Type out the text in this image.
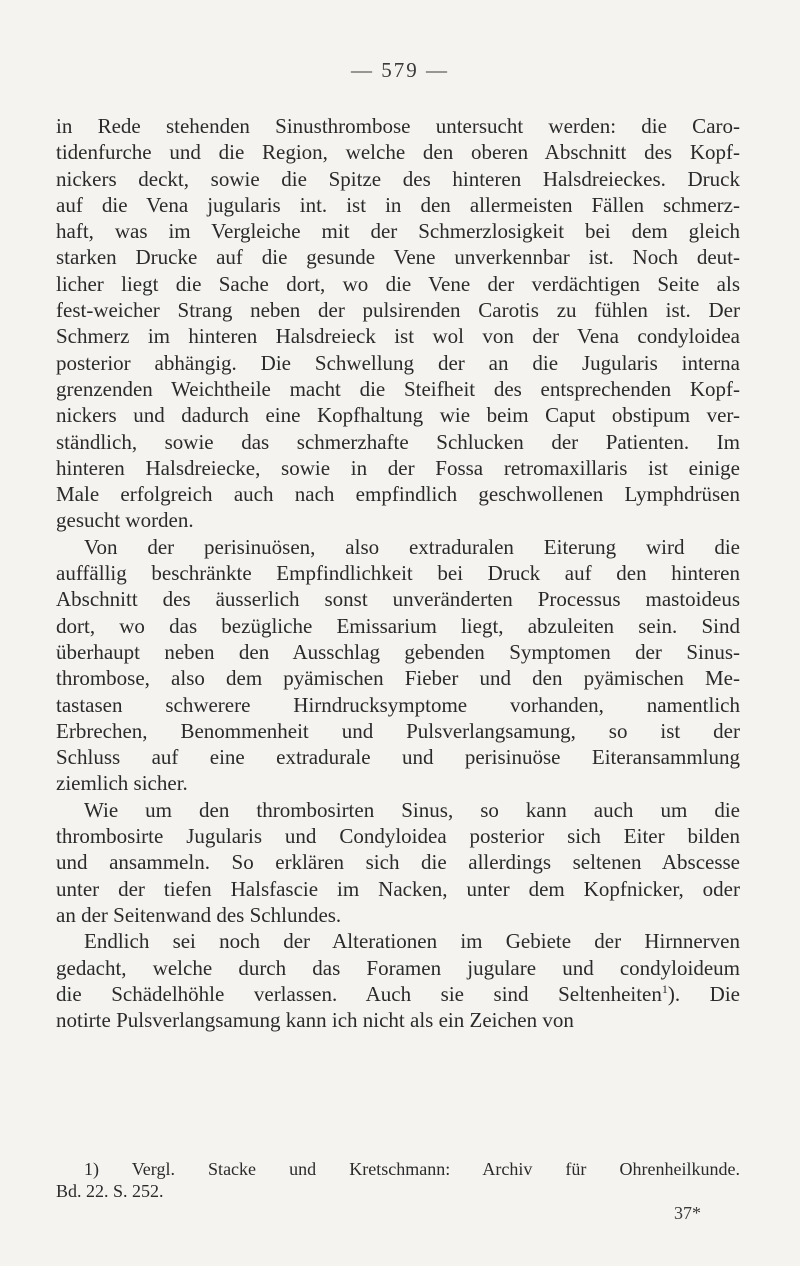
— 579 —
in Rede stehenden Sinusthrombose untersucht werden: die Caro-
tidenfurche und die Region, welche den oberen Abschnitt des Kopf-
nickers deckt, sowie die Spitze des hinteren Halsdreieckes. Druck
auf die Vena jugularis int. ist in den allermeisten Fällen schmerz-
haft, was im Vergleiche mit der Schmerzlosigkeit bei dem gleich
starken Drucke auf die gesunde Vene unverkennbar ist. Noch deut-
licher liegt die Sache dort, wo die Vene der verdächtigen Seite als
fest-weicher Strang neben der pulsirenden Carotis zu fühlen ist. Der
Schmerz im hinteren Halsdreieck ist wol von der Vena condyloidea
posterior abhängig. Die Schwellung der an die Jugularis interna
grenzenden Weichtheile macht die Steifheit des entsprechenden Kopf-
nickers und dadurch eine Kopfhaltung wie beim Caput obstipum ver-
ständlich, sowie das schmerzhafte Schlucken der Patienten. Im
hinteren Halsdreiecke, sowie in der Fossa retromaxillaris ist einige
Male erfolgreich auch nach empfindlich geschwollenen Lymphdrüsen
gesucht worden.
Von der perisinuösen, also extraduralen Eiterung wird die
auffällig beschränkte Empfindlichkeit bei Druck auf den hinteren
Abschnitt des äusserlich sonst unveränderten Processus mastoideus
dort, wo das bezügliche Emissarium liegt, abzuleiten sein. Sind
überhaupt neben den Ausschlag gebenden Symptomen der Sinus-
thrombose, also dem pyämischen Fieber und den pyämischen Me-
tastasen schwerere Hirndrucksymptome vorhanden, namentlich
Erbrechen, Benommenheit und Pulsverlangsamung, so ist der
Schluss auf eine extradurale und perisinuöse Eiteransammlung
ziemlich sicher.
Wie um den thrombosirten Sinus, so kann auch um die
thrombosirte Jugularis und Condyloidea posterior sich Eiter bilden
und ansammeln. So erklären sich die allerdings seltenen Abscesse
unter der tiefen Halsfascie im Nacken, unter dem Kopfnicker, oder
an der Seitenwand des Schlundes.
Endlich sei noch der Alterationen im Gebiete der Hirnnerven
gedacht, welche durch das Foramen jugulare und condyloideum
die Schädelhöhle verlassen. Auch sie sind Seltenheiten$^1$). Die
notirte Pulsverlangsamung kann ich nicht als ein Zeichen von
1) Vergl. Stacke und Kretschmann: Archiv für Ohrenheilkunde.
Bd. 22. S. 252.
37*
